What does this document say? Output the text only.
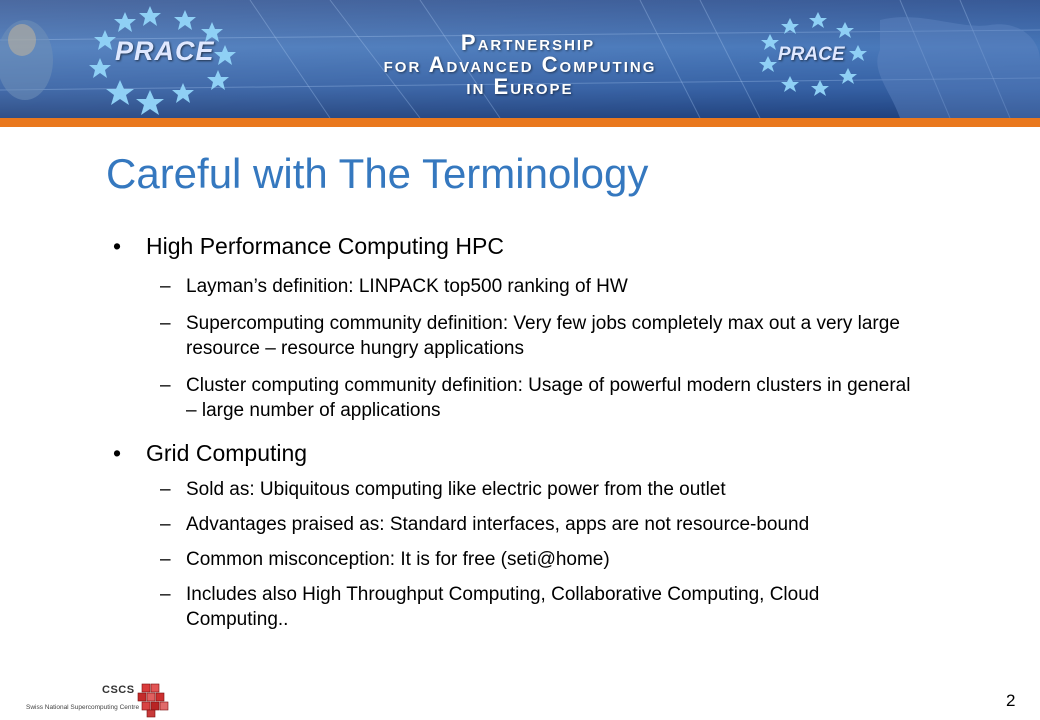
PRACE	PRACE
Partnership
for Advanced Computing
in Europe
Careful with The Terminology
• High Performance Computing HPC
– Layman’s definition: LINPACK top500 ranking of HW
– Supercomputing community definition: Very few jobs completely max out a very large resource – resource hungry applications
– Cluster computing community definition: Usage of powerful modern clusters in general – large number of applications
• Grid Computing
– Sold as: Ubiquitous computing like electric power from the outlet
– Advantages praised as: Standard interfaces, apps are not resource-bound
– Common misconception: It is for free (seti@home)
– Includes also High Throughput Computing, Collaborative Computing, Cloud Computing..
CSCS
Swiss National Supercomputing Centre	2
